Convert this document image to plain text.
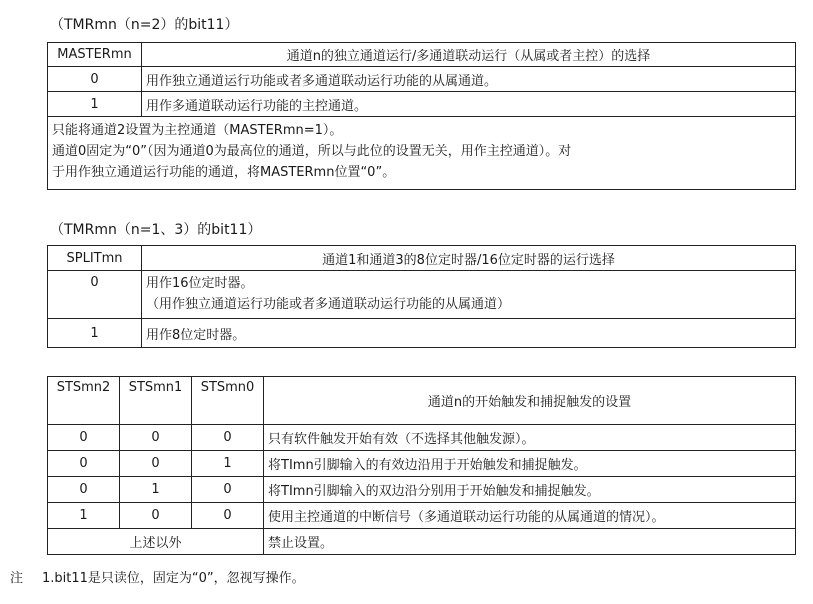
（TMRmn（n=2）的bit11）
MASTERmn	通道n的独立通道运行/多通道联动运行（从属或者主控）的选择
0	用作独立通道运行功能或者多通道联动运行功能的从属通道。
1	用作多通道联动运行功能的主控通道。

只能将通道2设置为主控通道（MASTERmn=1）。
通道0固定为“0”（因为通道0为最高位的通道，所以与此位的设置无关，用作主控通道）。对
于用作独立通道运行功能的通道，将MASTERmn位置“0”。	
（TMRmn（n=1、3）的bit11）
SPLITmn	通道1和通道3的8位定时器/16位定时器的运行选择
0	用作16位定时器。
（用作独立通道运行功能或者多通道联动运行功能的从属通道）

1	用作8位定时器。
STSmn2	STSmn1	STSmn0	通道n的开始触发和捕捉触发的设置
0	0	0	只有软件触发开始有效（不选择其他触发源）。
0	0	1	将TImn引脚输入的有效边沿用于开始触发和捕捉触发。
0	1	0	将TImn引脚输入的双边沿分别用于开始触发和捕捉触发。
1	0	0	使用主控通道的中断信号（多通道联动运行功能的从属通道的情况）。
上述以外			禁止设置。
注 1.bit11是只读位，固定为“0”，忽视写操作。
